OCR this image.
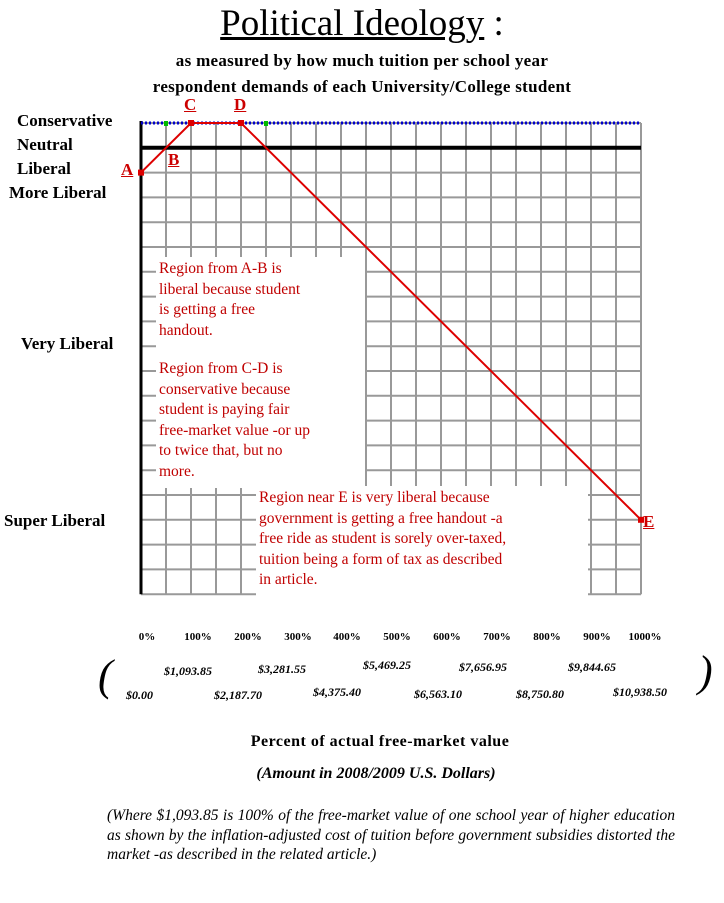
Political Ideology :
as measured by how much tuition per school year
respondent demands of each University/College student
Conservative
Neutral
Liberal
More Liberal
Very Liberal
Super Liberal
A
B
C D
E
Region from A-B is
liberal because student
is getting a free
handout.
Region from C-D is
conservative because
student is paying fair
free-market value -or up
to twice that, but no
more.
Region near E is very liberal because
government is getting a free handout -a
free ride as student is sorely over-taxed,
tuition being a form of tax as described
in article.
0%	100% 200% 300% 400% 500% 600% 700% 800% 900% 1000%
(	)
$0.00
$1,093.85
$2,187.70
$3,281.55
$4,375.40
$5,469.25
$6,563.10
$7,656.95
$8,750.80
$9,844.65
$10,938.50
Percent of actual free-market value
(Amount in 2008/2009 U.S. Dollars)
(Where $1,093.85 is 100% of the free-market value of one school year of higher education as shown by the inflation-adjusted cost of tuition before government subsidies distorted the market -as described in the related article.)
